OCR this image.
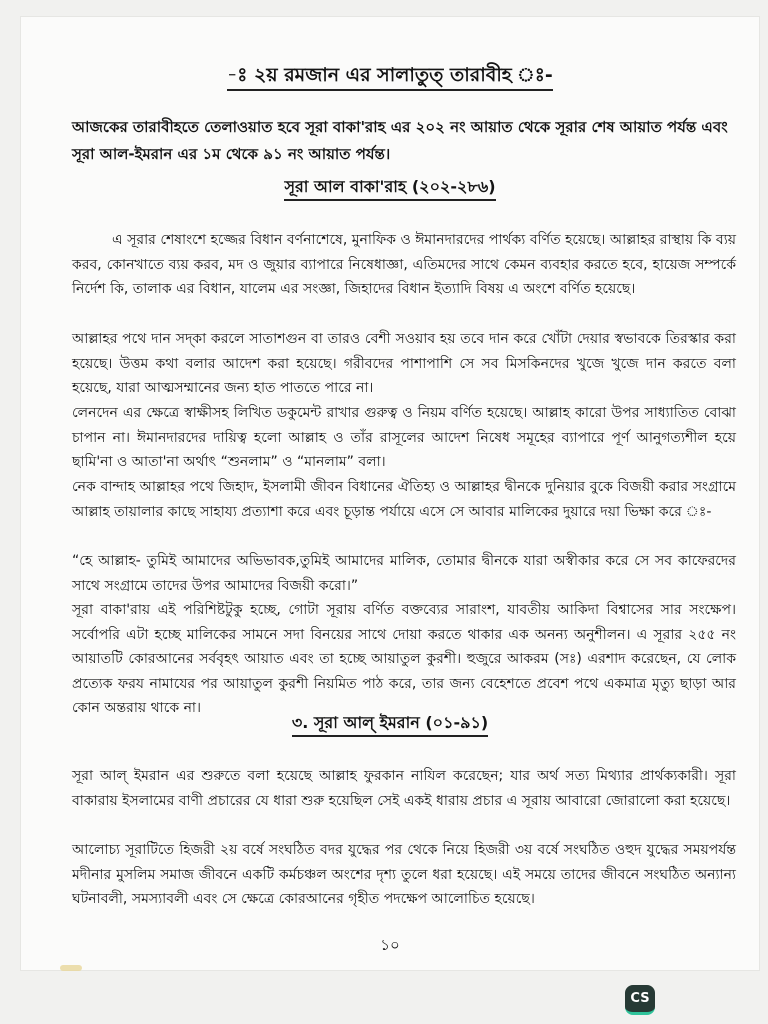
-ঃ ২য় রমজান এর সালাতুত্ তারাবীহ ঃ-
আজকের তারাবীহতে তেলাওয়াত হবে সূরা বাকা'রাহ এর ২০২ নং আয়াত থেকে সূরার শেষ আয়াত পর্যন্ত এবং সূরা আল-ইমরান এর ১ম থেকে ৯১ নং আয়াত পর্যন্ত।
সূরা আল বাকা'রাহ (২০২-২৮৬)
এ সূরার শেষাংশে হজ্জের বিধান বর্ণনাশেষে, মুনাফিক ও ঈমানদারদের পার্থক্য বর্ণিত হয়েছে। আল্লাহর রাস্থায় কি ব্যয় করব, কোনখাতে ব্যয় করব, মদ ও জুয়ার ব্যাপারে নিষেধাজ্ঞা, এতিমদের সাথে কেমন ব্যবহার করতে হবে, হায়েজ সম্পর্কে নির্দেশ কি, তালাক এর বিধান, যালেম এর সংজ্ঞা, জিহাদের বিধান ইত্যাদি বিষয় এ অংশে বর্ণিত হয়েছে।
আল্লাহর পথে দান সদ্কা করলে সাতাশগুন বা তারও বেশী সওয়াব হয় তবে দান করে খোঁটা দেয়ার স্বভাবকে তিরস্কার করা হয়েছে। উত্তম কথা বলার আদেশ করা হয়েছে। গরীবদের পাশাপাশি সে সব মিসকিনদের খুজে খুজে দান করতে বলা হয়েছে, যারা আত্মসম্মানের জন্য হাত পাততে পারে না।
লেনদেন এর ক্ষেত্রে স্বাক্ষীসহ লিখিত ডকুমেন্ট রাখার গুরুত্ব ও নিয়ম বর্ণিত হয়েছে। আল্লাহ কারো উপর সাধ্যাতিত বোঝা চাপান না। ঈমানদারদের দায়িত্ব হলো আল্লাহ ও তাঁর রাসূলের আদেশ নিষেধ সমূহের ব্যাপারে পূর্ণ আনুগত্যশীল হয়ে ছামি'না ও আতা'না অর্থাৎ “শুনলাম” ও “মানলাম” বলা।
নেক বান্দাহ আল্লাহর পথে জিহাদ, ইসলামী জীবন বিধানের ঐতিহ্য ও আল্লাহর দ্বীনকে দুনিয়ার বুকে বিজয়ী করার সংগ্রামে আল্লাহ তায়ালার কাছে সাহায্য প্রত্যাশা করে এবং চূড়ান্ত পর্যায়ে এসে সে আবার মালিকের দুয়ারে দয়া ভিক্ষা করে ঃ-
“হে আল্লাহ- তুমিই আমাদের অভিভাবক,তুমিই আমাদের মালিক, তোমার দ্বীনকে যারা অস্বীকার করে সে সব কাফেরদের সাথে সংগ্রামে তাদের উপর আমাদের বিজয়ী করো।”
সূরা বাকা'রায় এই পরিশিষ্টটুকু হচ্ছে, গোটা সূরায় বর্ণিত বক্তব্যের সারাংশ, যাবতীয় আকিদা বিশ্বাসের সার সংক্ষেপ। সর্বোপরি এটা হচ্ছে মালিকের সামনে সদা বিনয়ের সাথে দোয়া করতে থাকার এক অনন্য অনুশীলন। এ সূরার ২৫৫ নং আয়াতটি কোরআনের সর্ববৃহৎ আয়াত এবং তা হচ্ছে আয়াতুল কুরশী। হুজুরে আকরম (সঃ) এরশাদ করেছেন, যে লোক প্রত্যেক ফরয নামাযের পর আয়াতুল কুরশী নিয়মিত পাঠ করে, তার জন্য বেহেশতে প্রবেশ পথে একমাত্র মৃত্যু ছাড়া আর কোন অন্তরায় থাকে না।
৩. সূরা আল্ ইমরান (০১-৯১)
সূরা আল্ ইমরান এর শুরুতে বলা হয়েছে আল্লাহ ফুরকান নাযিল করেছেন; যার অর্থ সত্য মিথ্যার প্রার্থক্যকারী। সূরা বাকারায় ইসলামের বাণী প্রচারের যে ধারা শুরু হয়েছিল সেই একই ধারায় প্রচার এ সূরায় আবারো জোরালো করা হয়েছে।
আলোচ্য সূরাটিতে হিজরী ২য় বর্ষে সংঘঠিত বদর যুদ্ধের পর থেকে নিয়ে হিজরী ৩য় বর্ষে সংঘঠিত ওহুদ যুদ্ধের সময়পর্যন্ত মদীনার মুসলিম সমাজ জীবনে একটি কর্মচঞ্চল অংশের দৃশ্য তুলে ধরা হয়েছে। এই সময়ে তাদের জীবনে সংঘঠিত অন্যান্য ঘটনাবলী, সমস্যাবলী এবং সে ক্ষেত্রে কোরআনের গৃহীত পদক্ষেপ আলোচিত হয়েছে।
১০
CS
